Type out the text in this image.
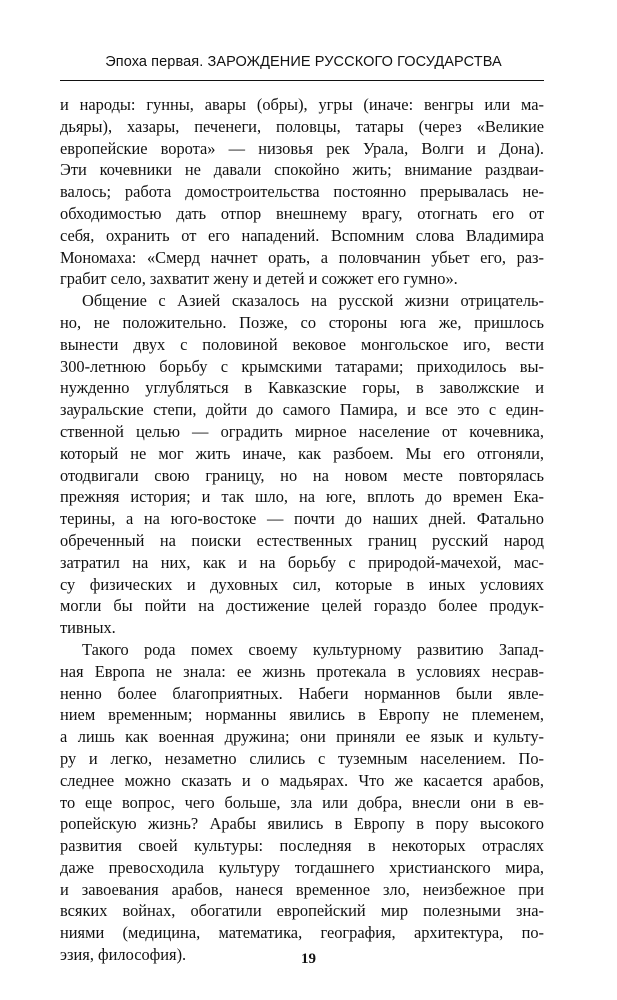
Эпоха первая. ЗАРОЖДЕНИЕ РУССКОГО ГОСУДАРСТВА
и народы: гунны, авары (обры), угры (иначе: венгры или ма-
дьяры), хазары, печенеги, половцы, татары (через «Великие
европейские ворота» — низовья рек Урала, Волги и Дона).
Эти кочевники не давали спокойно жить; внимание раздваи-
валось; работа домостроительства постоянно прерывалась не-
обходимостью дать отпор внешнему врагу, отогнать его от
себя, охранить от его нападений. Вспомним слова Владимира
Мономаха: «Смерд начнет орать, а половчанин убьет его, раз-
грабит село, захватит жену и детей и сожжет его гумно».
Общение с Азией сказалось на русской жизни отрицатель-
но, не положительно. Позже, со стороны юга же, пришлось
вынести двух с половиной вековое монгольское иго, вести
300-летнюю борьбу с крымскими татарами; приходилось вы-
нужденно углубляться в Кавказские горы, в заволжские и
зауральские степи, дойти до самого Памира, и все это с един-
ственной целью — оградить мирное население от кочевника,
который не мог жить иначе, как разбоем. Мы его отгоняли,
отодвигали свою границу, но на новом месте повторялась
прежняя история; и так шло, на юге, вплоть до времен Ека-
терины, а на юго-востоке — почти до наших дней. Фатально
обреченный на поиски естественных границ русский народ
затратил на них, как и на борьбу с природой-мачехой, мас-
су физических и духовных сил, которые в иных условиях
могли бы пойти на достижение целей гораздо более продук-
тивных.
Такого рода помех своему культурному развитию Запад-
ная Европа не знала: ее жизнь протекала в условиях несрав-
ненно более благоприятных. Набеги норманнов были явле-
нием временным; норманны явились в Европу не племенем,
а лишь как военная дружина; они приняли ее язык и культу-
ру и легко, незаметно слились с туземным населением. По-
следнее можно сказать и о мадьярах. Что же касается арабов,
то еще вопрос, чего больше, зла или добра, внесли они в ев-
ропейскую жизнь? Арабы явились в Европу в пору высокого
развития своей культуры: последняя в некоторых отраслях
даже превосходила культуру тогдашнего христианского мира,
и завоевания арабов, нанеся временное зло, неизбежное при
всяких войнах, обогатили европейский мир полезными зна-
ниями (медицина, математика, география, архитектура, по-
эзия, философия).	19
